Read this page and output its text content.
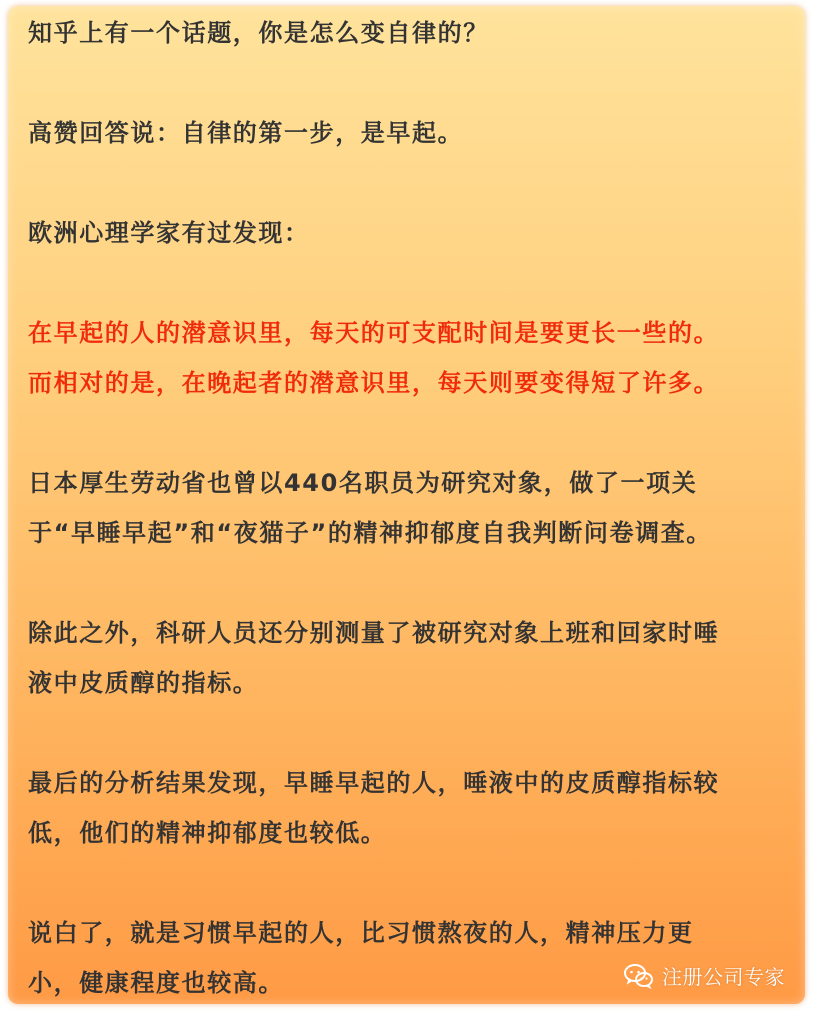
知乎上有一个话题，你是怎么变自律的？

高赞回答说：自律的第一步，是早起。

欧洲心理学家有过发现：

在早起的人的潜意识里，每天的可支配时间是要更长一些的。
而相对的是，在晚起者的潜意识里，每天则要变得短了许多。

日本厚生劳动省也曾以440名职员为研究对象，做了一项关
于“早睡早起”和“夜猫子”的精神抑郁度自我判断问卷调查。

除此之外，科研人员还分别测量了被研究对象上班和回家时唾
液中皮质醇的指标。

最后的分析结果发现，早睡早起的人，唾液中的皮质醇指标较
低，他们的精神抑郁度也较低。

说白了，就是习惯早起的人，比习惯熬夜的人，精神压力更
小，健康程度也较高。	注册公司专家
